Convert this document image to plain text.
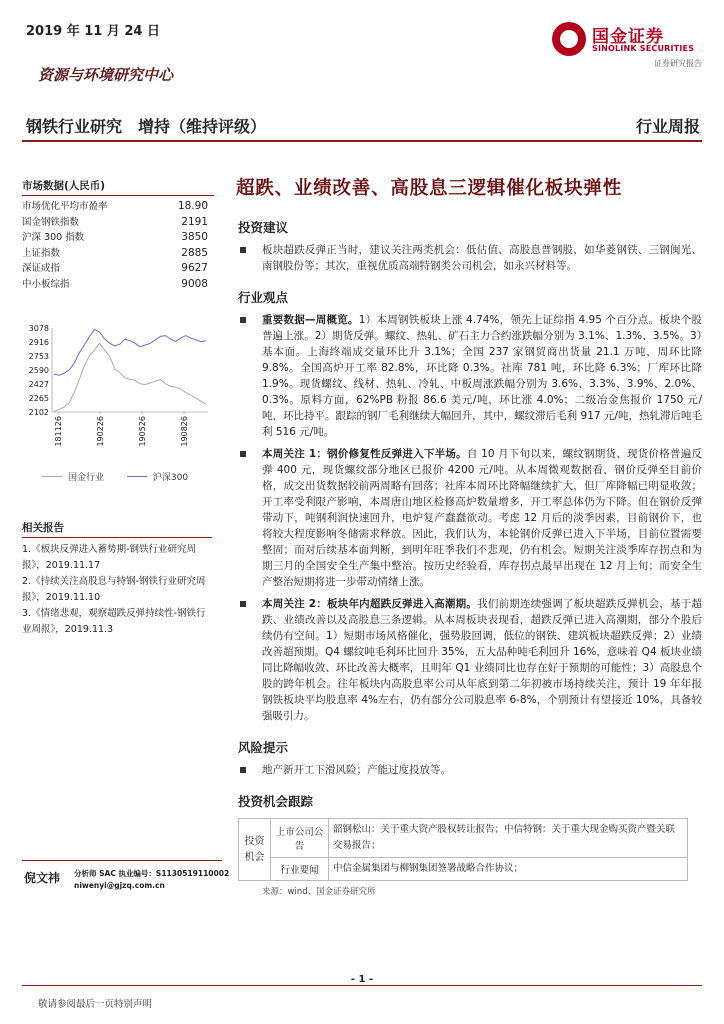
2019 年 11 月 24 日
资源与环境研究中心
国金证券
SINOLINK SECURITIES
证券研究报告
钢铁行业研究　增持（维持评级）	行业周报
市场数据(人民币)
市场优化平均市盈率	18.90
国金钢铁指数	2191
沪深 300 指数	3850
上证指数	2885
深证成指	9627
中小板综指	9008
2102
2265
2427
2590
2753
2916
3078
181126	190226	190526	190826
国金行业
	沪深300
相关报告
1.《板块反弹进入蓄势期-钢铁行业研究周报》，2019.11.17
2.《持续关注高股息与特钢-钢铁行业研究周报》，2019.11.10
3.《情绪悲观，观察超跌反弹持续性-钢铁行业周报》，2019.11.3
倪文祎 分析师 SAC 执业编号：S1130519110002
niwenyi@gjzq.com.cn
超跌、业绩改善、高股息三逻辑催化板块弹性
投资建议
板块超跌反弹正当时，建议关注两类机会：低估值、高股息普钢股，如华菱钢铁、三钢闽光、南钢股份等；其次，重视优质高端特钢类公司机会，如永兴材料等。
行业观点
重要数据—周概览。1）本周钢铁板块上涨 4.74%，领先上证综指 4.95 个百分点。板块个股普遍上涨。2）期货反弹。螺纹、热轧、矿石主力合约涨跌幅分别为 3.1%、1.3%、3.5%。3）基本面。上海终端成交量环比升 3.1%；全国 237 家钢贸商出货量 21.1 万吨，周环比降 9.8%。全国高炉开工率 82.8%，环比降 0.3%。社库 781 吨，环比降 6.3%；厂库环比降 1.9%。现货螺纹、线材、热轧、冷轧、中板周涨跌幅分别为 3.6%、3.3%、3.9%、2.0%、0.3%。原料方面，62%PB 粉报 86.6 美元/吨，环比涨 4.0%；二级冶金焦报价 1750 元/吨，环比持平。跟踪的钢厂毛利继续大幅回升，其中，螺纹滞后毛利 917 元/吨，热轧滞后吨毛利 516 元/吨。
本周关注 1：钢价修复性反弹进入下半场。自 10 月下旬以来，螺纹钢期货、现货价格普遍反弹 400 元，现货螺纹部分地区已报价 4200 元/吨。从本周微观数据看，钢价反弹至目前价格，成交出货数据较前两周略有回落；社库本周环比降幅继续扩大，但厂库降幅已明显收敛；开工率受利限产影响，本周唐山地区检修高炉数量增多，开工率总体仍为下降。但在钢价反弹带动下，吨钢利润快速回升，电炉复产蠢蠢欲动。考虑 12 月后的淡季因素，目前钢价下，也将较大程度影响冬储需求释放。因此，我们认为，本轮钢价反弹已进入下半场，目前位置需要整固；而对后续基本面判断，到明年旺季我们不悲观，仍有机会。短期关注淡季库存拐点和为期三月的全国安全生产集中整治。按历史经验看，库存拐点最早出现在 12 月上旬；而安全生产整治短期将进一步带动情绪上涨。
本周关注 2：板块年内超跌反弹进入高潮期。我们前期连续强调了板块超跌反弹机会，基于超跌、业绩改善以及高股息三条逻辑。从本周板块表现看，超跌反弹已进入高潮期，部分个股后续仍有空间。1）短期市场风格催化，强势股回调，低位的钢铁、建筑板块超跌反弹；2）业绩改善超预期。Q4 螺纹吨毛利环比回升 35%，五大品种吨毛利回升 16%，意味着 Q4 板块业绩同比降幅收敛、环比改善大概率，且明年 Q1 业绩同比也存在好于预期的可能性；3）高股息个股的跨年机会。往年板块内高股息率公司从年底到第二年初被市场持续关注，预计 19 年年报钢铁板块平均股息率 4%左右，仍有部分公司股息率 6-8%，个别预计有望接近 10%，具备较强吸引力。
风险提示
地产新开工下滑风险；产能过度投放等。
投资机会跟踪
投资机会	上市公司公告	韶钢松山：关于重大资产股权转让报告；中信特钢：关于重大现金购买资产暨关联交易报告；
	行业要闻	中信金属集团与柳钢集团签署战略合作协议；
来源：wind、国金证券研究所
- 1 -
敬请参阅最后一页特别声明
